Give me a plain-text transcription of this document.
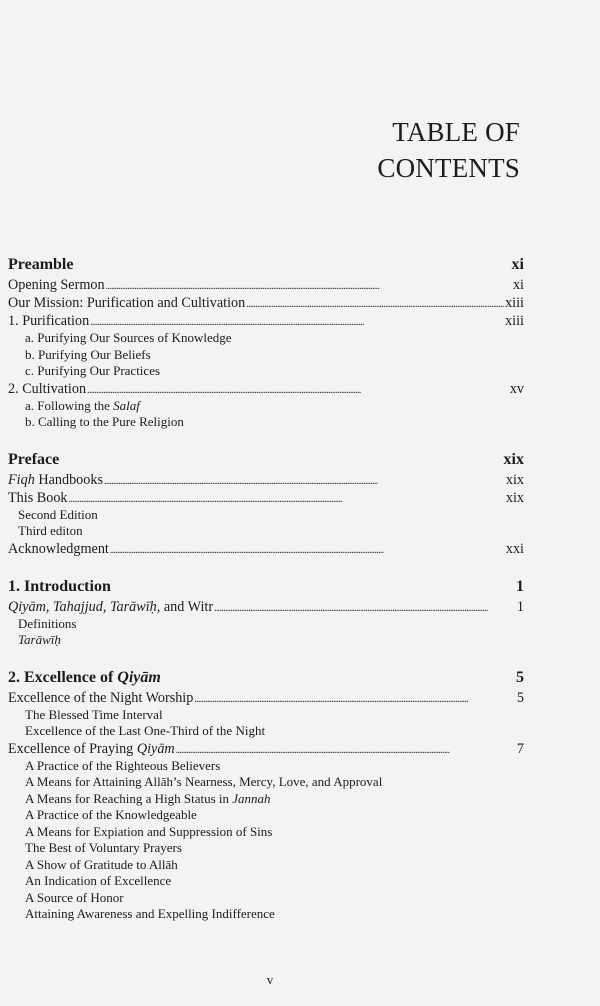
TABLE OF
CONTENTS
Preamble	xi
Opening Sermon . . .	xi
Our Mission: Purification and Cultivation . . .	xiii
1. Purification . . .	xiii
a. Purifying Our Sources of Knowledge
b. Purifying Our Beliefs
c. Purifying Our Practices
2. Cultivation . . .	xv
a. Following the Salaf
b. Calling to the Pure Religion
Preface	xix
Fiqh Handbooks . . .	xix
This Book . . .	xix
Second Edition
Third editon
Acknowledgment . . .	xxi
1. Introduction	1
Qiyām, Tahajjud, Tarāwīḥ, and Witr . . .	1
Definitions
Tarāwīḥ
2. Excellence of Qiyām	5
Excellence of the Night Worship . . .	5
The Blessed Time Interval
Excellence of the Last One-Third of the Night
Excellence of Praying Qiyām . . .	7
A Practice of the Righteous Believers
A Means for Attaining Allāh’s Nearness, Mercy, Love, and Approval
A Means for Reaching a High Status in Jannah
A Practice of the Knowledgeable
A Means for Expiation and Suppression of Sins
The Best of Voluntary Prayers
A Show of Gratitude to Allāh
An Indication of Excellence
A Source of Honor
Attaining Awareness and Expelling Indifference
v
